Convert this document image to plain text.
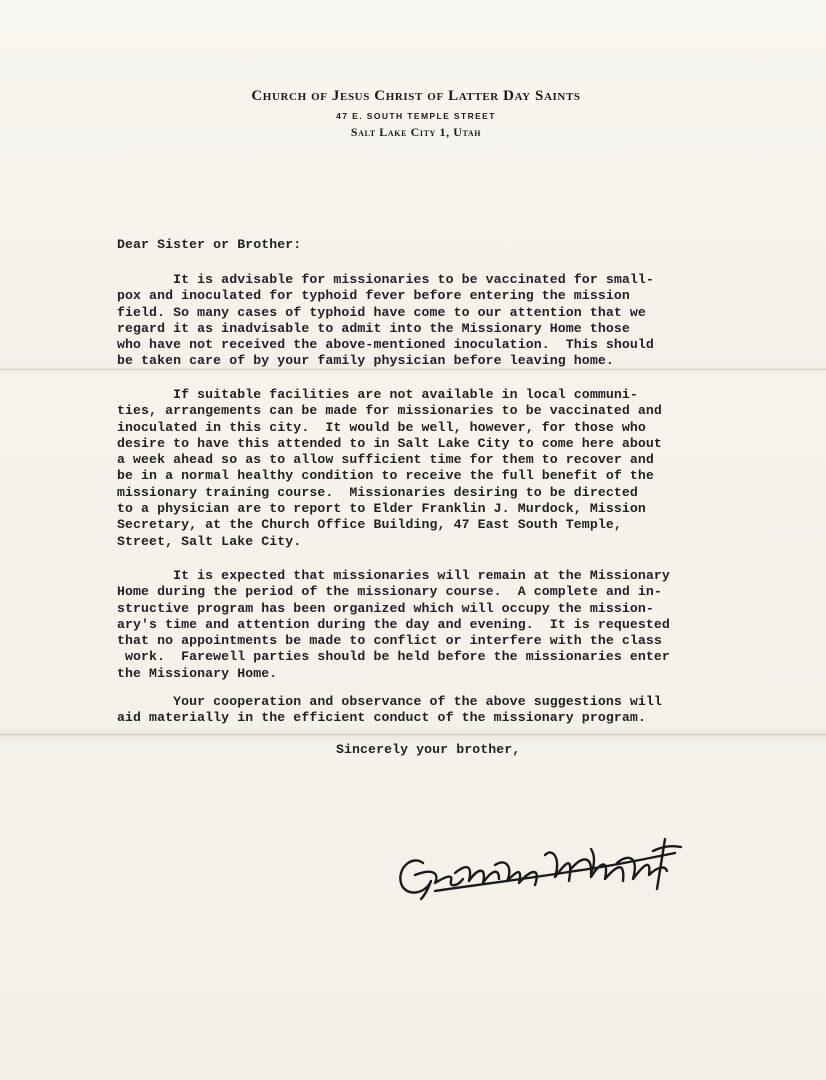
Church of Jesus Christ of Latter Day Saints
47 E. SOUTH TEMPLE STREET
Salt Lake City 1, Utah
Dear Sister or Brother:
It is advisable for missionaries to be vaccinated for small-
pox and inoculated for typhoid fever before entering the mission
field. So many cases of typhoid have come to our attention that we
regard it as inadvisable to admit into the Missionary Home those
who have not received the above-mentioned inoculation.  This should
be taken care of by your family physician before leaving home.
If suitable facilities are not available in local communi-
ties, arrangements can be made for missionaries to be vaccinated and
inoculated in this city.  It would be well, however, for those who
desire to have this attended to in Salt Lake City to come here about
a week ahead so as to allow sufficient time for them to recover and
be in a normal healthy condition to receive the full benefit of the
missionary training course.  Missionaries desiring to be directed
to a physician are to report to Elder Franklin J. Murdock, Mission
Secretary, at the Church Office Building, 47 East South Temple,
Street, Salt Lake City.
It is expected that missionaries will remain at the Missionary
Home during the period of the missionary course.  A complete and in-
structive program has been organized which will occupy the mission-
ary's time and attention during the day and evening.  It is requested
that no appointments be made to conflict or interfere with the class
work.  Farewell parties should be held before the missionaries enter
the Missionary Home.
Your cooperation and observance of the above suggestions will
aid materially in the efficient conduct of the missionary program.
Sincerely your brother,
